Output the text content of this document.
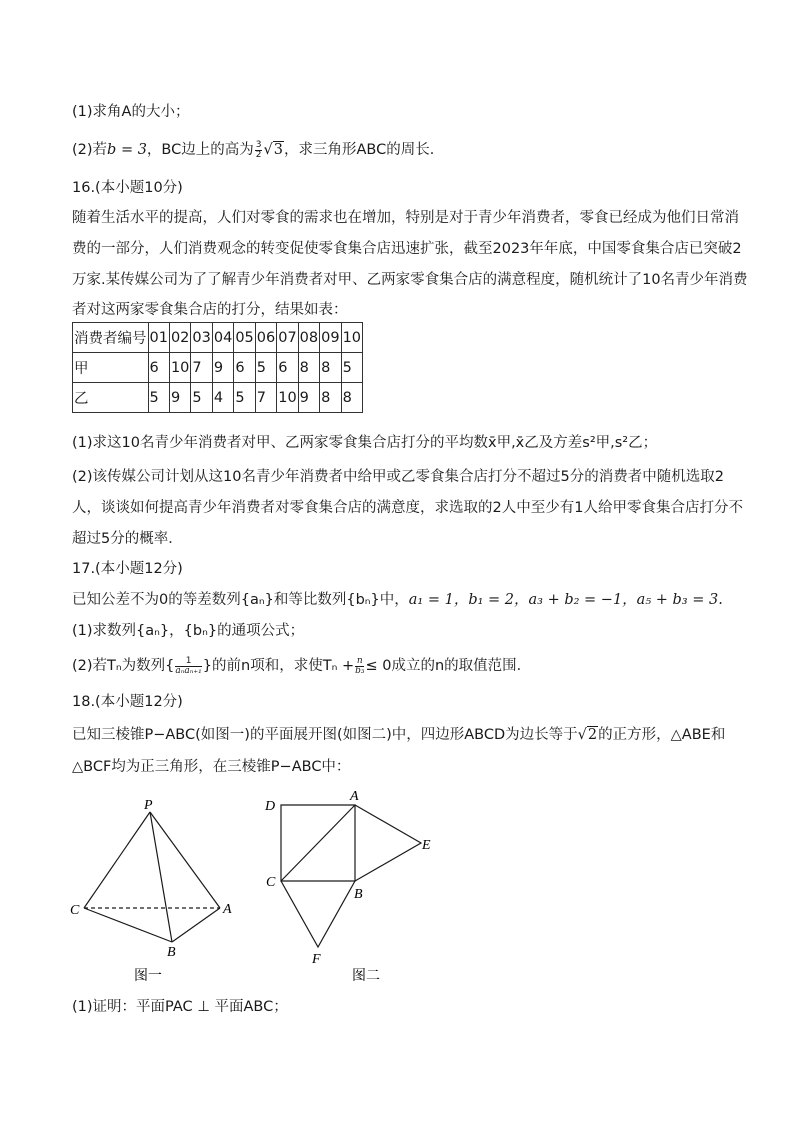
(1)求角A的大小；
(2)若b = 3，BC边上的高为 $\frac{3}{2} √3$，求三角形ABC的周长．
16.(本小题10分)
随着生活水平的提高，人们对零食的需求也在增加，特别是对于青少年消费者，零食已经成为他们日常消
费的一部分，人们消费观念的转变促使零食集合店迅速扩张，截至2023年年底，中国零食集合店已突破2
万家.某传媒公司为了了解青少年消费者对甲、乙两家零食集合店的满意程度，随机统计了10名青少年消费
者对这两家零食集合店的打分，结果如表：
消费者编号	01	02	03	04	05	06	07	08	09	10
甲	6	10	7	9	6	5	6	8	8	5
乙	5	9	5	4	5	7	10	9	8	8
(1)求这10名青少年消费者对甲、乙两家零食集合店打分的平均数x̄甲,x̄乙及方差s²甲,s²乙；
(2)该传媒公司计划从这10名青少年消费者中给甲或乙零食集合店打分不超过5分的消费者中随机选取2
人，谈谈如何提高青少年消费者对零食集合店的满意度，求选取的2人中至少有1人给甲零食集合店打分不
超过5分的概率．
17.(本小题12分)
已知公差不为0的等差数列{aₙ}和等比数列{bₙ}中，a₁ = 1，b₁ = 2，a₃ + b₂ = −1，a₅ + b₃ = 3.
(1)求数列{aₙ}，{bₙ}的通项公式；
(2)若Tₙ为数列{ $\frac{1}{\text{aₙaₙ₊₁}}$ }的前n项和，求使$T_n + \frac{n}{\text{b₃}} \le 0$成立的n的取值范围．
18.(本小题12分)
已知三棱锥P−ABC(如图一)的平面展开图(如图二)中，四边形ABCD为边长等于√2的正方形，△ABE和
△BCF均为正三角形，在三棱锥P−ABC中：
P
C	A
B
图一
D
A
E
C
B
F
图二
(1)证明：平面PAC ⊥ 平面ABC；
